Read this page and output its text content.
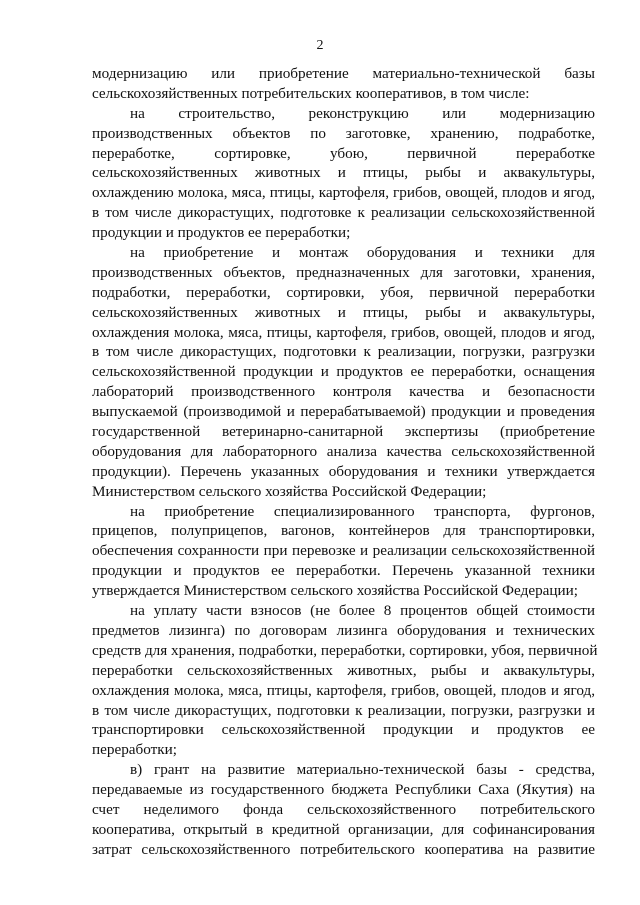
2
модернизацию или приобретение материально-технической базы
сельскохозяйственных потребительских кооперативов, в том числе:
на строительство, реконструкцию или модернизацию
производственных объектов по заготовке, хранению, подработке,
переработке, сортировке, убою, первичной переработке
сельскохозяйственных животных и птицы, рыбы и аквакультуры,
охлаждению молока, мяса, птицы, картофеля, грибов, овощей, плодов и ягод,
в том числе дикорастущих, подготовке к реализации сельскохозяйственной
продукции и продуктов ее переработки;
на приобретение и монтаж оборудования и техники для
производственных объектов, предназначенных для заготовки, хранения,
подработки, переработки, сортировки, убоя, первичной переработки
сельскохозяйственных животных и птицы, рыбы и аквакультуры,
охлаждения молока, мяса, птицы, картофеля, грибов, овощей, плодов и ягод,
в том числе дикорастущих, подготовки к реализации, погрузки, разгрузки
сельскохозяйственной продукции и продуктов ее переработки, оснащения
лабораторий производственного контроля качества и безопасности
выпускаемой (производимой и перерабатываемой) продукции и проведения
государственной ветеринарно-санитарной экспертизы (приобретение
оборудования для лабораторного анализа качества сельскохозяйственной
продукции). Перечень указанных оборудования и техники утверждается
Министерством сельского хозяйства Российской Федерации;
на приобретение специализированного транспорта, фургонов,
прицепов, полуприцепов, вагонов, контейнеров для транспортировки,
обеспечения сохранности при перевозке и реализации сельскохозяйственной
продукции и продуктов ее переработки. Перечень указанной техники
утверждается Министерством сельского хозяйства Российской Федерации;
на уплату части взносов (не более 8 процентов общей стоимости
предметов лизинга) по договорам лизинга оборудования и технических
средств для хранения, подработки, переработки, сортировки, убоя, первичной
переработки сельскохозяйственных животных, рыбы и аквакультуры,
охлаждения молока, мяса, птицы, картофеля, грибов, овощей, плодов и ягод,
в том числе дикорастущих, подготовки к реализации, погрузки, разгрузки и
транспортировки сельскохозяйственной продукции и продуктов ее
переработки;
в) грант на развитие материально-технической базы - средства,
передаваемые из государственного бюджета Республики Саха (Якутия) на
счет неделимого фонда сельскохозяйственного потребительского
кооператива, открытый в кредитной организации, для софинансирования
затрат сельскохозяйственного потребительского кооператива на развитие
